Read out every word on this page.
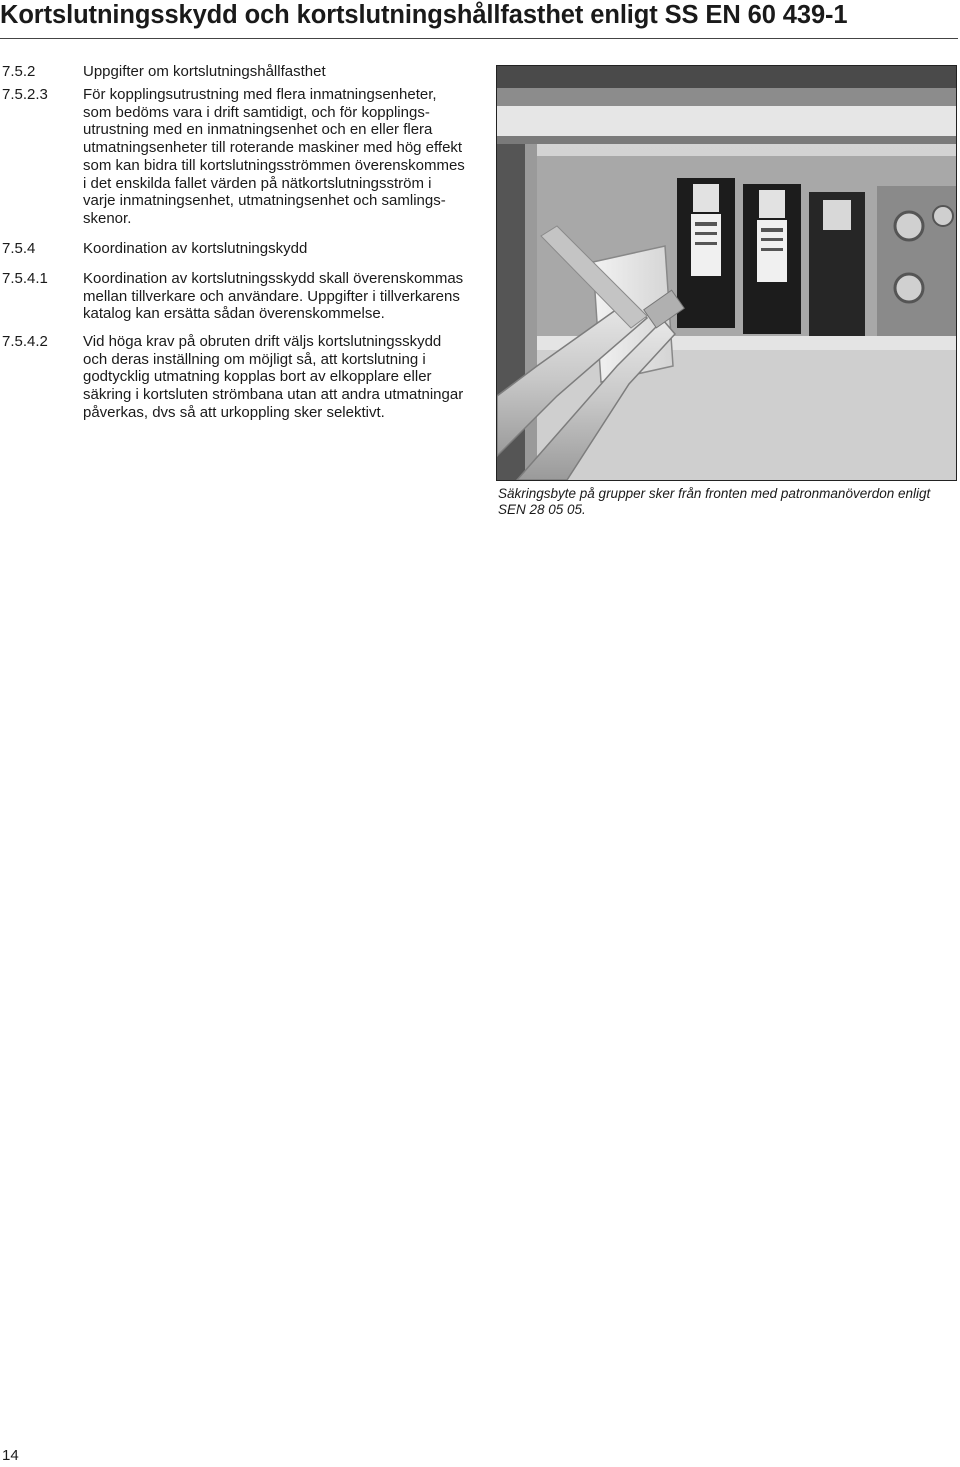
Kortslutningsskydd och kortslutningshållfasthet enligt SS EN 60 439-1
7.5.2	Uppgifter om kortslutningshållfasthet
7.5.2.3 För kopplingsutrustning med flera inmatningsenheter,
som bedöms vara i drift samtidigt, och för kopplings-
utrustning med en inmatningsenhet och en eller flera
utmatningsenheter till roterande maskiner med hög effekt
som kan bidra till kortslutningsströmmen överenskommes
i det enskilda fallet värden på nätkortslutningsström i
varje inmatningsenhet, utmatningsenhet och samlings-
skenor.
7.5.4	Koordination av kortslutningskydd
7.5.4.1 Koordination av kortslutningsskydd skall överenskommas
mellan tillverkare och användare. Uppgifter i tillverkarens
katalog kan ersätta sådan överenskommelse.
7.5.4.2 Vid höga krav på obruten drift väljs kortslutningsskydd
och deras inställning om möjligt så, att kortslutning i
godtycklig utmatning kopplas bort av elkopplare eller
säkring i kortsluten strömbana utan att andra utmatningar
påverkas, dvs så att urkoppling sker selektivt.
Säkringsbyte på grupper sker från fronten med patronmanöverdon enligt
SEN 28 05 05.
14
